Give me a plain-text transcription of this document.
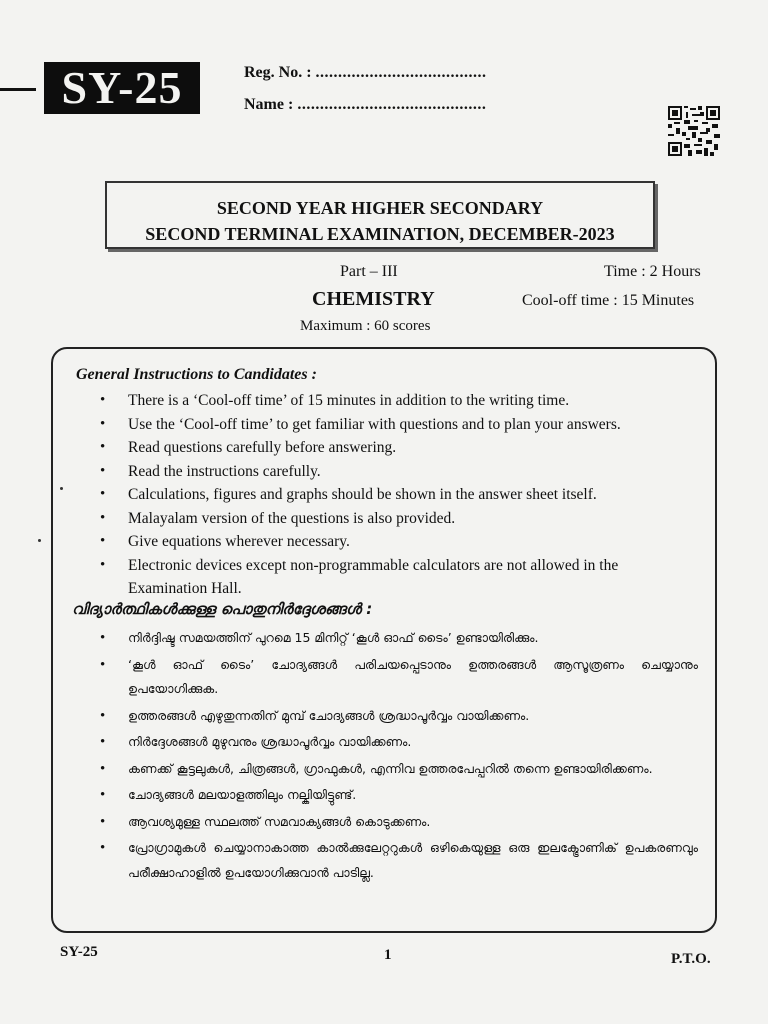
SY-25	Reg. No. : ......................................
Name : ..........................................
SECOND YEAR HIGHER SECONDARY
SECOND TERMINAL EXAMINATION, DECEMBER-2023
Part – III	Time : 2 Hours
CHEMISTRY	Cool-off time : 15 Minutes
Maximum : 60 scores
General Instructions to Candidates :
• There is a ‘Cool-off time’ of 15 minutes in addition to the writing time.
• Use the ‘Cool-off time’ to get familiar with questions and to plan your answers.
• Read questions carefully before answering.
• Read the instructions carefully.
• Calculations, figures and graphs should be shown in the answer sheet itself.
• Malayalam version of the questions is also provided.
• Give equations wherever necessary.
• Electronic devices except non-programmable calculators are not allowed in the Examination Hall.
വിദ്യാർത്ഥികൾക്കുള്ള പൊതുനിർദ്ദേശങ്ങൾ :
• നിർദ്ദിഷ്ട സമയത്തിന് പുറമെ 15 മിനിറ്റ് ‘കൂൾ ഓഫ് ടൈം’ ഉണ്ടായിരിക്കും.
• ‘കൂൾ ഓഫ് ടൈം’ ചോദ്യങ്ങൾ പരിചയപ്പെടാനും ഉത്തരങ്ങൾ ആസൂത്രണം ചെയ്യാനും ഉപയോഗിക്കുക.
• ഉത്തരങ്ങൾ എഴുതുന്നതിന് മുമ്പ് ചോദ്യങ്ങൾ ശ്രദ്ധാപൂർവ്വം വായിക്കണം.
• നിർദ്ദേശങ്ങൾ മുഴുവനും ശ്രദ്ധാപൂർവ്വം വായിക്കണം.
• കണക്ക് കൂട്ടലുകൾ, ചിത്രങ്ങൾ, ഗ്രാഫുകൾ, എന്നിവ ഉത്തരപേപ്പറിൽ തന്നെ ഉണ്ടായിരിക്കണം.
• ചോദ്യങ്ങൾ മലയാളത്തിലും നല്കിയിട്ടുണ്ട്.
• ആവശ്യമുള്ള സ്ഥലത്ത് സമവാക്യങ്ങൾ കൊടുക്കണം.
• പ്രോഗ്രാമുകൾ ചെയ്യാനാകാത്ത കാൽക്കുലേറ്ററുകൾ ഒഴികെയുള്ള ഒരു ഇലക്ട്രോണിക് ഉപകരണവും പരീക്ഷാഹാളിൽ ഉപയോഗിക്കുവാൻ പാടില്ല.
SY-25	1	P.T.O.
